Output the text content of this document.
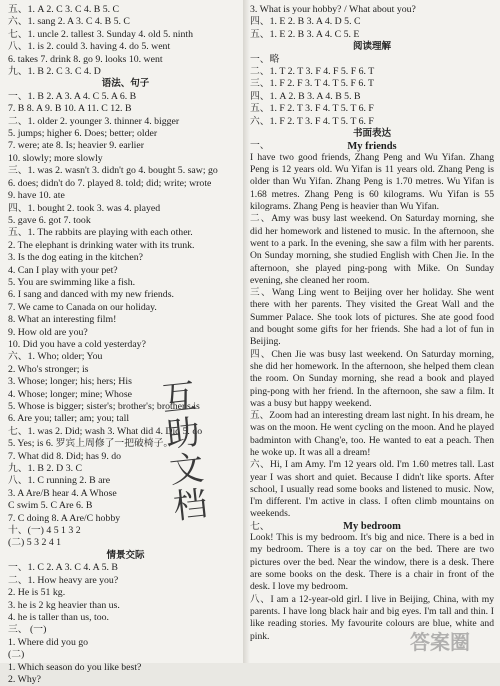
五、1. A 2. C 3. C 4. B 5. C
六、1. sang 2. A 3. C 4. B 5. C
七、1. uncle 2. tallest 3. Sunday 4. old 5. ninth
八、1. is 2. could 3. having 4. do 5. went
6. takes 7. drink 8. go 9. looks 10. went
九、1. B 2. C 3. C 4. D
语法、句子
一、1. B 2. A 3. A 4. C 5. A 6. B
7. B 8. A 9. B 10. A 11. C 12. B
二、1. older 2. younger 3. thinner 4. bigger
5. jumps; higher 6. Does; better; older
7. were; ate 8. Is; heavier 9. earlier
10. slowly; more slowly
三、1. was 2. wasn't 3. didn't go 4. bought 5. saw; go
6. does; didn't do 7. played 8. told; did; write; wrote
9. have 10. ate
四、1. bought 2. took 3. was 4. played
5. gave 6. got 7. took
五、1. The rabbits are playing with each other.
2. The elephant is drinking water with its trunk.
3. Is the dog eating in the kitchen?
4. Can I play with your pet?
5. You are swimming like a fish.
6. I sang and danced with my new friends.
7. We came to Canada on our holiday.
8. What an interesting film!
9. How old are you?
10. Did you have a cold yesterday?
六、1. Who; older; You
2. Who's stronger; is
3. Whose; longer; his; hers; His
4. Whose; longer; mine; Whose
5. Whose is bigger; sister's; brother's; brother's is
6. Are you; taller; am; you; tall
七、1. was 2. Did; wash 3. What did 4. Did 5. do
5. Yes; is 6. 罗宾上周修了一把破椅子。
7. What did 8. Did; has 9. do
九、1. B 2. D 3. C
八、1. C running 2. B are
3. A Are/B hear 4. A Whose
C swim 5. C Are 6. B
7. C doing 8. A Are/C hobby
十、(一) 4 5 1 3 2
(二) 5 3 2 4 1
情景交际
一、1. C 2. A 3. C 4. A 5. B
二、1. How heavy are you?
2. He is 51 kg.
3. he is 2 kg heavier than us.
4. he is taller than us, too.
三、 (一)
1. Where did you go
(二)
1. Which season do you like best?
2. Why?
3. What is your hobby? / What about you?
四、1. E 2. B 3. A 4. D 5. C
五、1. E 2. B 3. A 4. C 5. E
阅读理解
一、略
二、1. T 2. T 3. F 4. F 5. F 6. T
三、1. F 2. F 3. T 4. T 5. F 6. T
四、1. A 2. B 3. A 4. B 5. B
五、1. F 2. T 3. F 4. T 5. T 6. F
六、1. F 2. T 3. F 4. T 5. T 6. F
书面表达
一、	My friends
I have two good friends, Zhang Peng and Wu Yifan. Zhang Peng is 12 years old. Wu Yifan is 11 years old. Zhang Peng is older than Wu Yifan. Zhang Peng is 1.70 metres. Wu Yifan is 1.68 metres. Zhang Peng is 60 kilograms. Wu Yifan is 55 kilograms. Zhang Peng is heavier than Wu Yifan.
二、Amy was busy last weekend. On Saturday morning, she did her homework and listened to music. In the afternoon, she went to a park. In the evening, she saw a film with her parents. On Sunday morning, she studied English with Chen Jie. In the afternoon, she played ping-pong with Mike. On Sunday evening, she cleaned her room.
三、Wang Ling went to Beijing over her holiday. She went there with her parents. They visited the Great Wall and the Summer Palace. She took lots of pictures. She ate good food and bought some gifts for her friends. She had a lot of fun in Beijing.
四、Chen Jie was busy last weekend. On Saturday morning, she did her homework. In the afternoon, she helped them clean the room. On Sunday morning, she read a book and played ping-pong with her friend. In the afternoon, she saw a film. It was a busy but happy weekend.
五、Zoom had an interesting dream last night. In his dream, he was on the moon. He went cycling on the moon. And he played badminton with Chang'e, too. He wanted to eat a peach. Then he woke up. It was all a dream!
六、Hi, I am Amy. I'm 12 years old. I'm 1.60 metres tall. Last year I was short and quiet. Because I didn't like sports. After school, I usually read some books and listened to music. Now, I'm different. I'm active in class. I often climb mountains on weekends.
七、	My bedroom
Look! This is my bedroom. It's big and nice. There is a bed in my bedroom. There is a toy car on the bed. There are two pictures over the bed. Near the window, there is a desk. There are some books on the desk. There is a chair in front of the desk. I love my bedroom.
八、I am a 12-year-old girl. I live in Beijing, China, with my parents. I have long black hair and big eyes. I'm tall and thin. I like reading stories. My favourite colours are blue, white and pink.
互
助
文
档
答案圈
